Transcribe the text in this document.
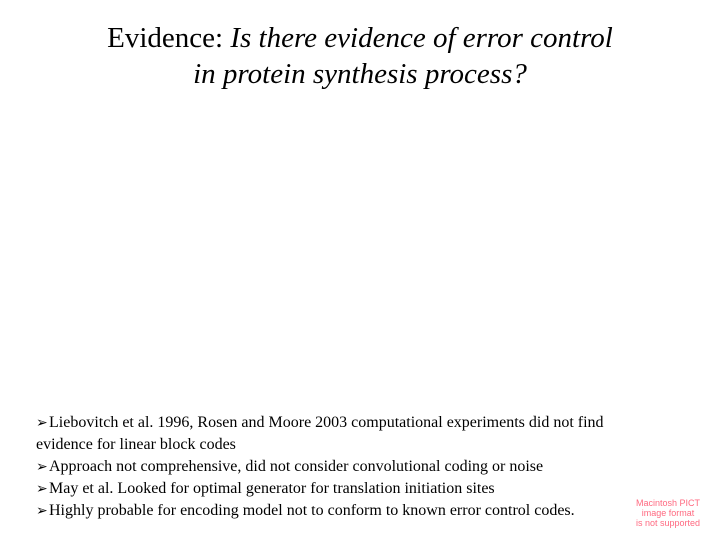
Evidence: Is there evidence of error control
in protein synthesis process?

➢Liebovitch et al. 1996, Rosen and Moore 2003 computational experiments did not find
evidence for linear block codes

➢Approach not comprehensive, did not consider convolutional coding or noise

➢May et al. Looked for optimal generator for translation initiation sites

➢Highly probable for encoding model not to conform to known error control codes.	Macintosh PICT
image format
is not supported
